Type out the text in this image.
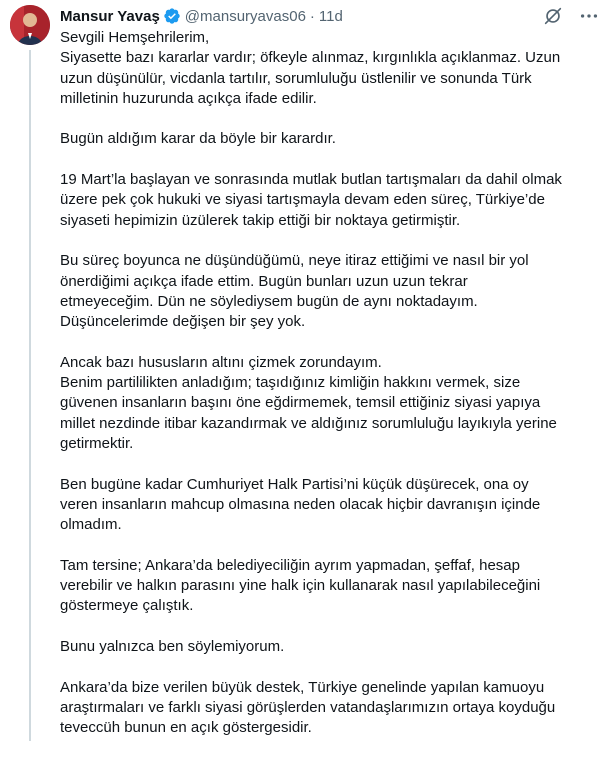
Mansur Yavaş @mansuryavas06 · 11d
Sevgili Hemşehrilerim,
Siyasette bazı kararlar vardır; öfkeyle alınmaz, kırgınlıkla açıklanmaz. Uzun
uzun düşünülür, vicdanla tartılır, sorumluluğu üstlenilir ve sonunda Türk
milletinin huzurunda açıkça ifade edilir.
Bugün aldığım karar da böyle bir karardır.
19 Mart’la başlayan ve sonrasında mutlak butlan tartışmaları da dahil olmak
üzere pek çok hukuki ve siyasi tartışmayla devam eden süreç, Türkiye’de
siyaseti hepimizin üzülerek takip ettiği bir noktaya getirmiştir.
Bu süreç boyunca ne düşündüğümü, neye itiraz ettiğimi ve nasıl bir yol
önerdiğimi açıkça ifade ettim. Bugün bunları uzun uzun tekrar
etmeyeceğim. Dün ne söylediysem bugün de aynı noktadayım.
Düşüncelerimde değişen bir şey yok.
Ancak bazı hususların altını çizmek zorundayım.
Benim partililikten anladığım; taşıdığınız kimliğin hakkını vermek, size
güvenen insanların başını öne eğdirmemek, temsil ettiğiniz siyasi yapıya
millet nezdinde itibar kazandırmak ve aldığınız sorumluluğu layıkıyla yerine
getirmektir.
Ben bugüne kadar Cumhuriyet Halk Partisi’ni küçük düşürecek, ona oy
veren insanların mahcup olmasına neden olacak hiçbir davranışın içinde
olmadım.
Tam tersine; Ankara’da belediyeciliğin ayrım yapmadan, şeffaf, hesap
verebilir ve halkın parasını yine halk için kullanarak nasıl yapılabileceğini
göstermeye çalıştık.
Bunu yalnızca ben söylemiyorum.
Ankara’da bize verilen büyük destek, Türkiye genelinde yapılan kamuoyu
araştırmaları ve farklı siyasi görüşlerden vatandaşlarımızın ortaya koyduğu
teveccüh bunun en açık göstergesidir.
